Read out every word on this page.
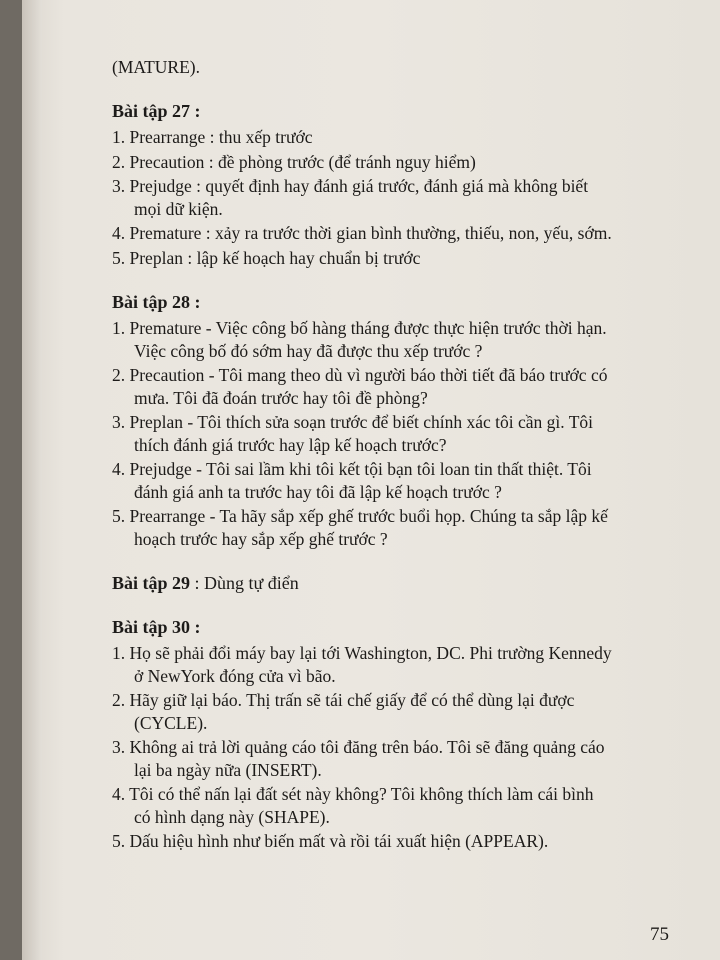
(MATURE).
Bài tập 27 :
1. Prearrange : thu xếp trước
2. Precaution : đề phòng trước (để tránh nguy hiểm)
3. Prejudge : quyết định hay đánh giá trước, đánh giá mà không biết
mọi dữ kiện.
4. Premature : xảy ra trước thời gian bình thường, thiếu, non, yếu, sớm.
5. Preplan : lập kế hoạch hay chuẩn bị trước
Bài tập 28 :
1. Premature - Việc công bố hàng tháng được thực hiện trước thời hạn.
Việc công bố đó sớm hay đã được thu xếp trước ?
2. Precaution - Tôi mang theo dù vì người báo thời tiết đã báo trước có
mưa. Tôi đã đoán trước hay tôi đề phòng?
3. Preplan - Tôi thích sửa soạn trước để biết chính xác tôi cần gì. Tôi
thích đánh giá trước hay lập kế hoạch trước?
4. Prejudge - Tôi sai lầm khi tôi kết tội bạn tôi loan tin thất thiệt. Tôi
đánh giá anh ta trước hay tôi đã lập kế hoạch trước ?
5. Prearrange - Ta hãy sắp xếp ghế trước buổi họp. Chúng ta sắp lập kế
hoạch trước hay sắp xếp ghế trước ?
Bài tập 29 : Dùng tự điển
Bài tập 30 :
1. Họ sẽ phải đổi máy bay lại tới Washington, DC. Phi trường Kennedy
ở NewYork đóng cửa vì bão.
2. Hãy giữ lại báo. Thị trấn sẽ tái chế giấy để có thể dùng lại được
(CYCLE).
3. Không ai trả lời quảng cáo tôi đăng trên báo. Tôi sẽ đăng quảng cáo
lại ba ngày nữa (INSERT).
4. Tôi có thể nấn lại đất sét này không? Tôi không thích làm cái bình
có hình dạng này (SHAPE).
5. Dấu hiệu hình như biến mất và rồi tái xuất hiện (APPEAR).
75
